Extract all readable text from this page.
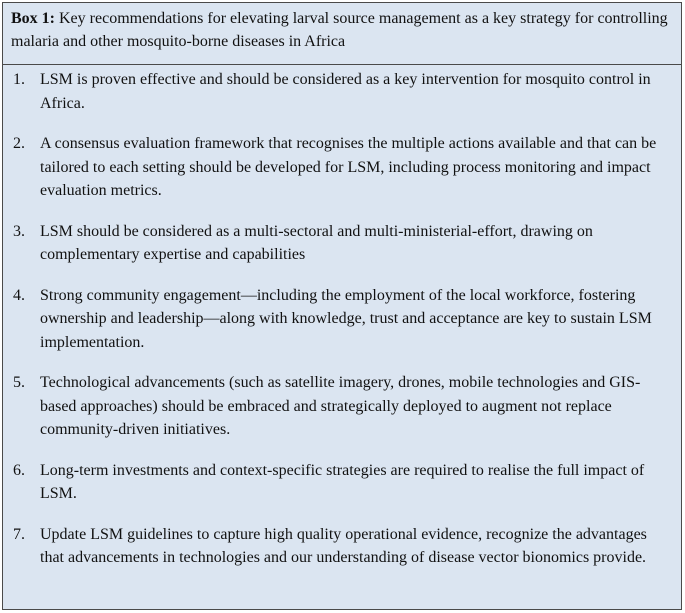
Box 1: Key recommendations for elevating larval source management as a key strategy for controlling malaria and other mosquito-borne diseases in Africa
1. LSM is proven effective and should be considered as a key intervention for mosquito control in Africa.
2. A consensus evaluation framework that recognises the multiple actions available and that can be tailored to each setting should be developed for LSM, including process monitoring and impact evaluation metrics.
3. LSM should be considered as a multi-sectoral and multi-ministerial-effort, drawing on complementary expertise and capabilities
4. Strong community engagement—including the employment of the local workforce, fostering ownership and leadership—along with knowledge, trust and acceptance are key to sustain LSM implementation.
5. Technological advancements (such as satellite imagery, drones, mobile technologies and GIS-based approaches) should be embraced and strategically deployed to augment not replace community-driven initiatives.
6. Long-term investments and context-specific strategies are required to realise the full impact of LSM.
7. Update LSM guidelines to capture high quality operational evidence, recognize the advantages that advancements in technologies and our understanding of disease vector bionomics provide.
